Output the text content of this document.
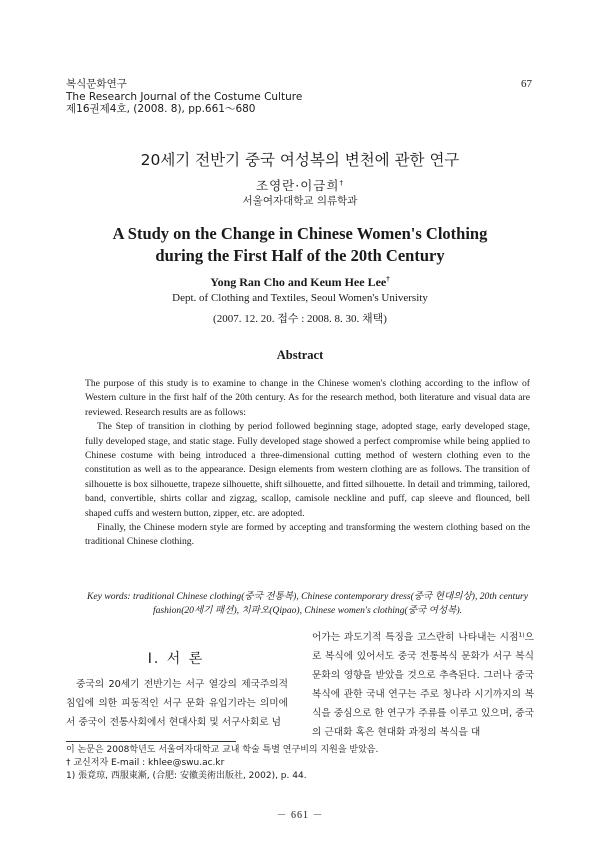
복식문화연구
The Research Journal of the Costume Culture
제16권제4호, (2008. 8), pp.661～680
67
20세기 전반기 중국 여성복의 변천에 관한 연구
조영란·이금희†
서울여자대학교 의류학과
A Study on the Change in Chinese Women's Clothing
during the First Half of the 20th Century
Yong Ran Cho and Keum Hee Lee†
Dept. of Clothing and Textiles, Seoul Women's University
(2007. 12. 20. 접수 : 2008. 8. 30. 채택)
Abstract

The purpose of this study is to examine to change in the Chinese women's clothing according to the inflow of Western culture in the first half of the 20th century. As for the research method, both literature and visual data are reviewed. Research results are as follows:

The Step of transition in clothing by period followed beginning stage, adopted stage, early developed stage, fully developed stage, and static stage. Fully developed stage showed a perfect compromise while being applied to Chinese costume with being introduced a three-dimensional cutting method of western clothing even to the constitution as well as to the appearance. Design elements from western clothing are as follows. The transition of silhouette is box silhouette, trapeze silhouette, shift silhouette, and fitted silhouette. In detail and trimming, tailored, band, convertible, shirts collar and zigzag, scallop, camisole neckline and puff, cap sleeve and flounced, bell shaped cuffs and western button, zipper, etc. are adopted.

Finally, the Chinese modern style are formed by accepting and transforming the western clothing based on the traditional Chinese clothing.

Key words: traditional Chinese clothing(중국 전통복), Chinese contemporary dress(중국 현대의상), 20th century fashion(20세기 패션), 치파오(Qipao), Chinese women's clothing(중국 여성복).
I. 서 론

중국의 20세기 전반기는 서구 열강의 제국주의적 침입에 의한 피동적인 서구 문화 유입기라는 의미에서 중국이 전통사회에서 현대사회 및 서구사회로 넘

어가는 과도기적 특징을 고스란히 나타내는 시점¹⁾으로 복식에 있어서도 중국 전통복식 문화가 서구 복식문화의 영향을 받았을 것으로 추측된다. 그러나 중국 복식에 관한 국내 연구는 주로 청나라 시기까지의 복식을 중심으로 한 연구가 주류를 이루고 있으며, 중국의 근대화 혹은 현대화 과정의 복식을 대

이 논문은 2008학년도 서울여자대학교 교내 학술 특별 연구비의 지원을 받았음.
† 교신저자 E-mail : khlee@swu.ac.kr
1) 張竟琼, 西服東漸, (合肥: 安徽美術出版社, 2002), p. 44.
－ 661 －
